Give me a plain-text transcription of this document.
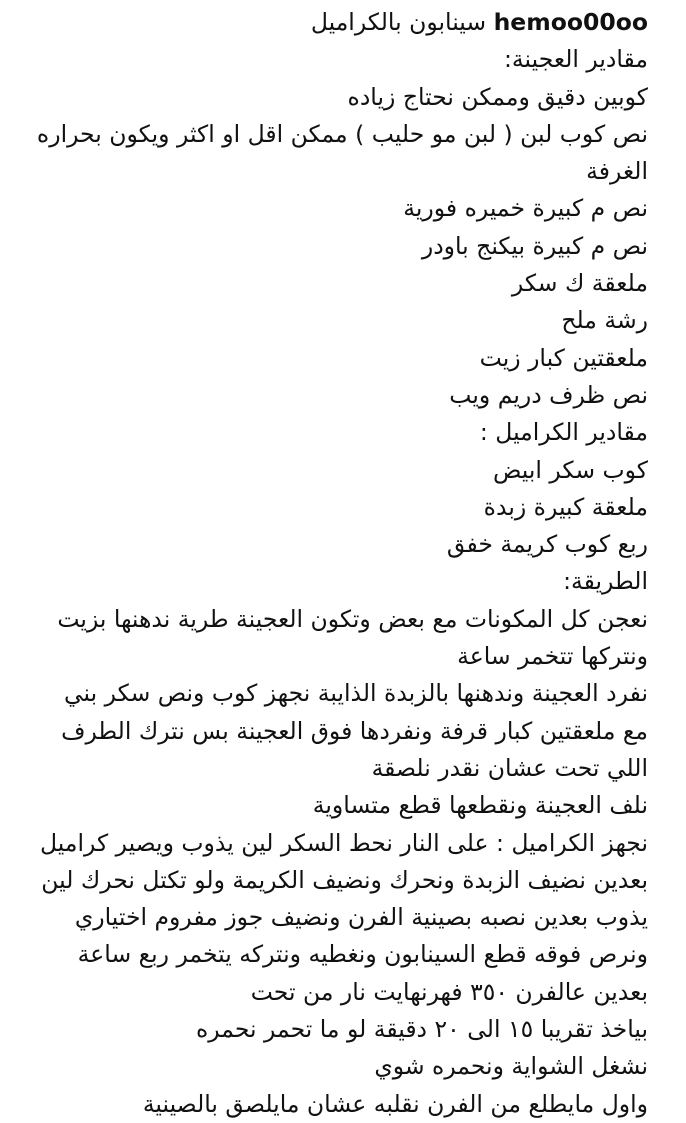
hemoo00oo سينابون بالكراميل
مقادير العجينة:
كوبين دقيق وممكن نحتاج زياده
نص كوب لبن ( لبن مو حليب ) ممكن اقل او اكثر ويكون بحراره
الغرفة
نص م كبيرة خميره فورية
نص م كبيرة بيكنج باودر
ملعقة ك سكر
رشة ملح
ملعقتين كبار زيت
نص ظرف دريم ويب
مقادير الكراميل :
كوب سكر ابيض
ملعقة كبيرة زبدة
ربع كوب كريمة خفق
الطريقة:
نعجن كل المكونات مع بعض وتكون العجينة طرية ندهنها بزيت
ونتركها تتخمر ساعة
نفرد العجينة وندهنها بالزبدة الذايبة نجهز كوب ونص سكر بني
مع ملعقتين كبار قرفة ونفردها فوق العجينة بس نترك الطرف
اللي تحت عشان نقدر نلصقة
نلف العجينة ونقطعها قطع متساوية
نجهز الكراميل : على النار نحط السكر لين يذوب ويصير كراميل
بعدين نضيف الزبدة ونحرك ونضيف الكريمة ولو تكتل نحرك لين
يذوب بعدين نصبه بصينية الفرن ونضيف جوز مفروم اختياري
ونرص فوقه قطع السينابون ونغطيه ونتركه يتخمر ربع ساعة
بعدين عالفرن ٣٥٠ فهرنهايت نار من تحت
بياخذ تقريبا ١٥ الى ٢٠ دقيقة لو ما تحمر نحمره
نشغل الشواية ونحمره شوي
واول مايطلع من الفرن نقلبه عشان مايلصق بالصينية
